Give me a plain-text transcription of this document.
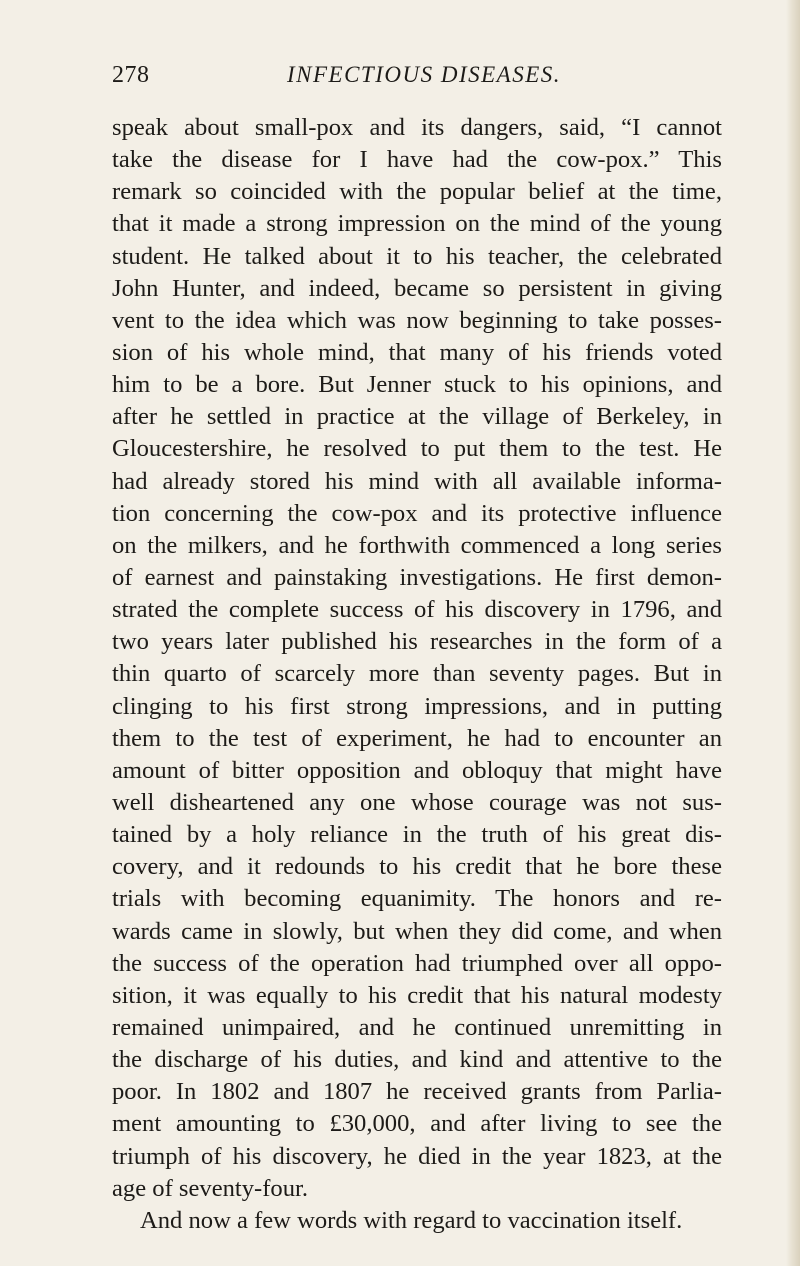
278	INFECTIOUS DISEASES.
speak about small-pox and its dangers, said, “I cannot
take the disease for I have had the cow-pox.” This
remark so coincided with the popular belief at the time,
that it made a strong impression on the mind of the young
student. He talked about it to his teacher, the celebrated
John Hunter, and indeed, became so persistent in giving
vent to the idea which was now beginning to take posses-
sion of his whole mind, that many of his friends voted
him to be a bore. But Jenner stuck to his opinions, and
after he settled in practice at the village of Berkeley, in
Gloucestershire, he resolved to put them to the test. He
had already stored his mind with all available informa-
tion concerning the cow-pox and its protective influence
on the milkers, and he forthwith commenced a long series
of earnest and painstaking investigations. He first demon-
strated the complete success of his discovery in 1796, and
two years later published his researches in the form of a
thin quarto of scarcely more than seventy pages. But in
clinging to his first strong impressions, and in putting
them to the test of experiment, he had to encounter an
amount of bitter opposition and obloquy that might have
well disheartened any one whose courage was not sus-
tained by a holy reliance in the truth of his great dis-
covery, and it redounds to his credit that he bore these
trials with becoming equanimity. The honors and re-
wards came in slowly, but when they did come, and when
the success of the operation had triumphed over all oppo-
sition, it was equally to his credit that his natural modesty
remained unimpaired, and he continued unremitting in
the discharge of his duties, and kind and attentive to the
poor. In 1802 and 1807 he received grants from Parlia-
ment amounting to £30,000, and after living to see the
triumph of his discovery, he died in the year 1823, at the
age of seventy-four.
And now a few words with regard to vaccination itself.
